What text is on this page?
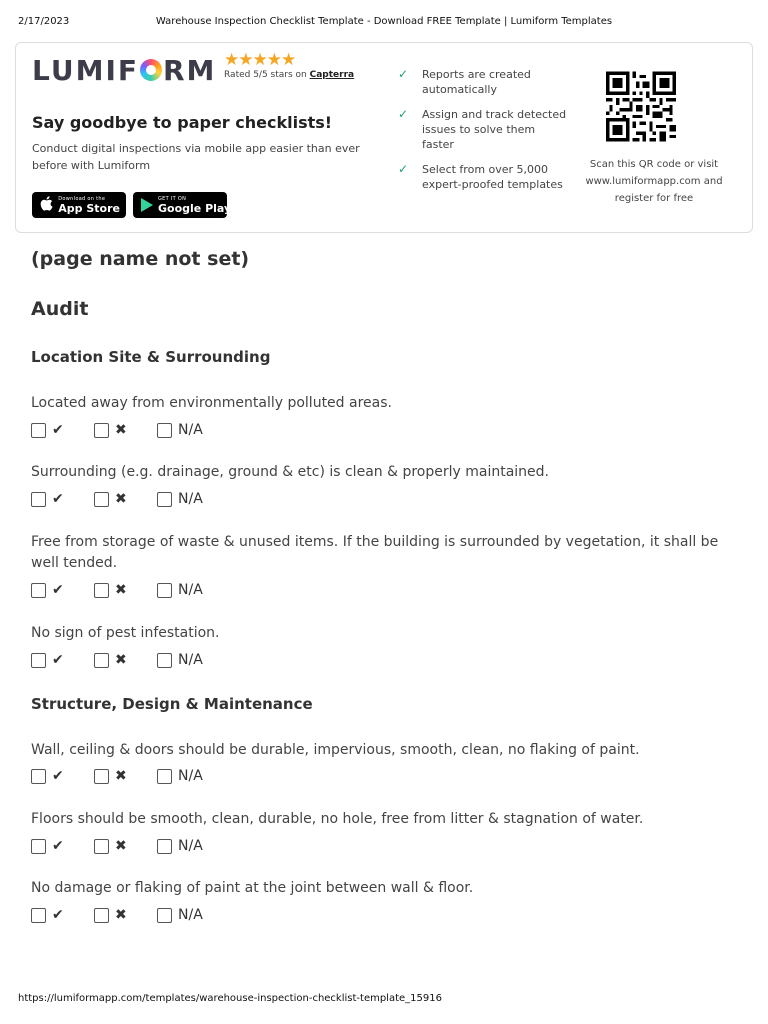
2/17/2023	Warehouse Inspection Checklist Template - Download FREE Template | Lumiform Templates
LUMIF RM ★★★★★
Rated 5/5 stars on Capterra
Say goodbye to paper checklists!
Conduct digital inspections via mobile app easier than ever before with Lumiform
Download on the
App Store
GET IT ON
Google Play
✓	Reports are created automatically
✓	Assign and track detected issues to solve them faster
✓	Select from over 5,000 expert-proofed templates
Scan this QR code or visit www.lumiformapp.com and register for free
(page name not set)
Audit
Location Site & Surrounding
Located away from environmentally polluted areas.
✔	✖	N/A
Surrounding (e.g. drainage, ground & etc) is clean & properly maintained.
✔	✖	N/A
Free from storage of waste & unused items. If the building is surrounded by vegetation, it shall be well tended.
✔	✖	N/A
No sign of pest infestation.
✔	✖	N/A
Structure, Design & Maintenance
Wall, ceiling & doors should be durable, impervious, smooth, clean, no flaking of paint.
✔	✖	N/A
Floors should be smooth, clean, durable, no hole, free from litter & stagnation of water.
✔	✖	N/A
No damage or flaking of paint at the joint between wall & floor.
✔	✖	N/A
https://lumiformapp.com/templates/warehouse-inspection-checklist-template_15916
